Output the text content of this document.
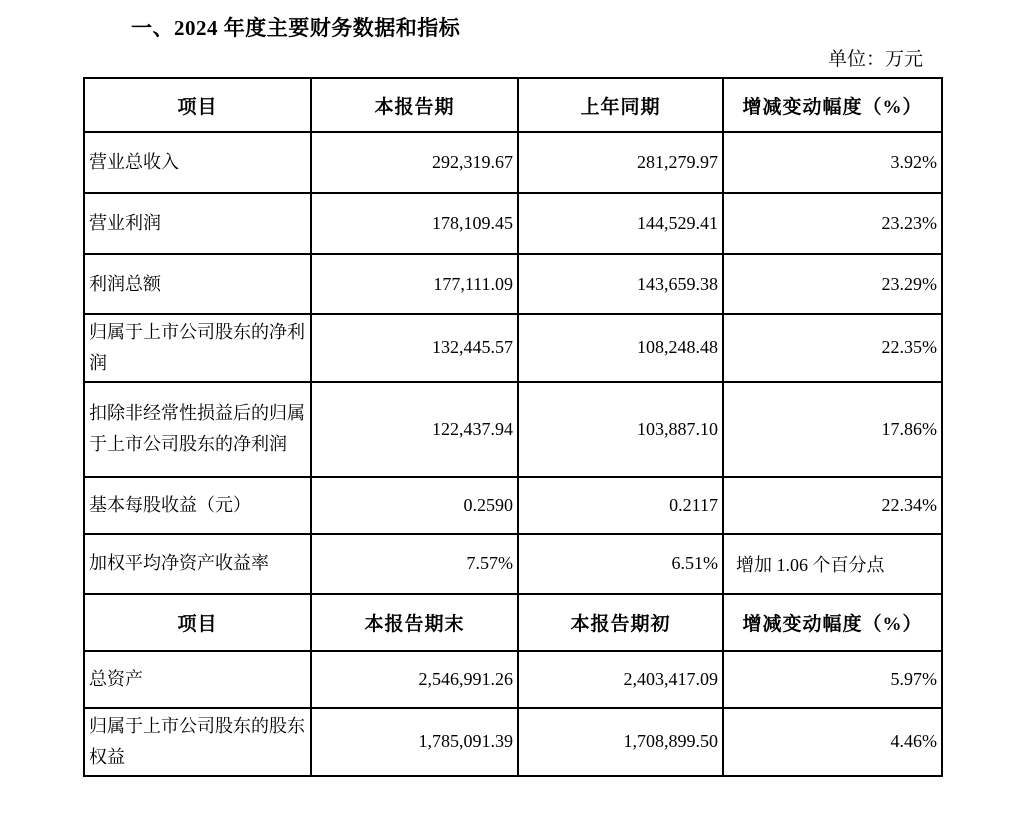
一、2024 年度主要财务数据和指标
单位：万元
项目	本报告期	上年同期	增减变动幅度（%）
营业总收入	292,319.67	281,279.97	3.92%
营业利润	178,109.45	144,529.41	23.23%
利润总额	177,111.09	143,659.38	23.29%
归属于上市公司股东的净利润	132,445.57	108,248.48	22.35%
扣除非经常性损益后的归属于上市公司股东的净利润	122,437.94	103,887.10	17.86%
基本每股收益（元）	0.2590	0.2117	22.34%
加权平均净资产收益率	7.57%	6.51%	增加 1.06 个百分点
项目	本报告期末	本报告期初	增减变动幅度（%）
总资产	2,546,991.26	2,403,417.09	5.97%
归属于上市公司股东的股东权益	1,785,091.39	1,708,899.50	4.46%
